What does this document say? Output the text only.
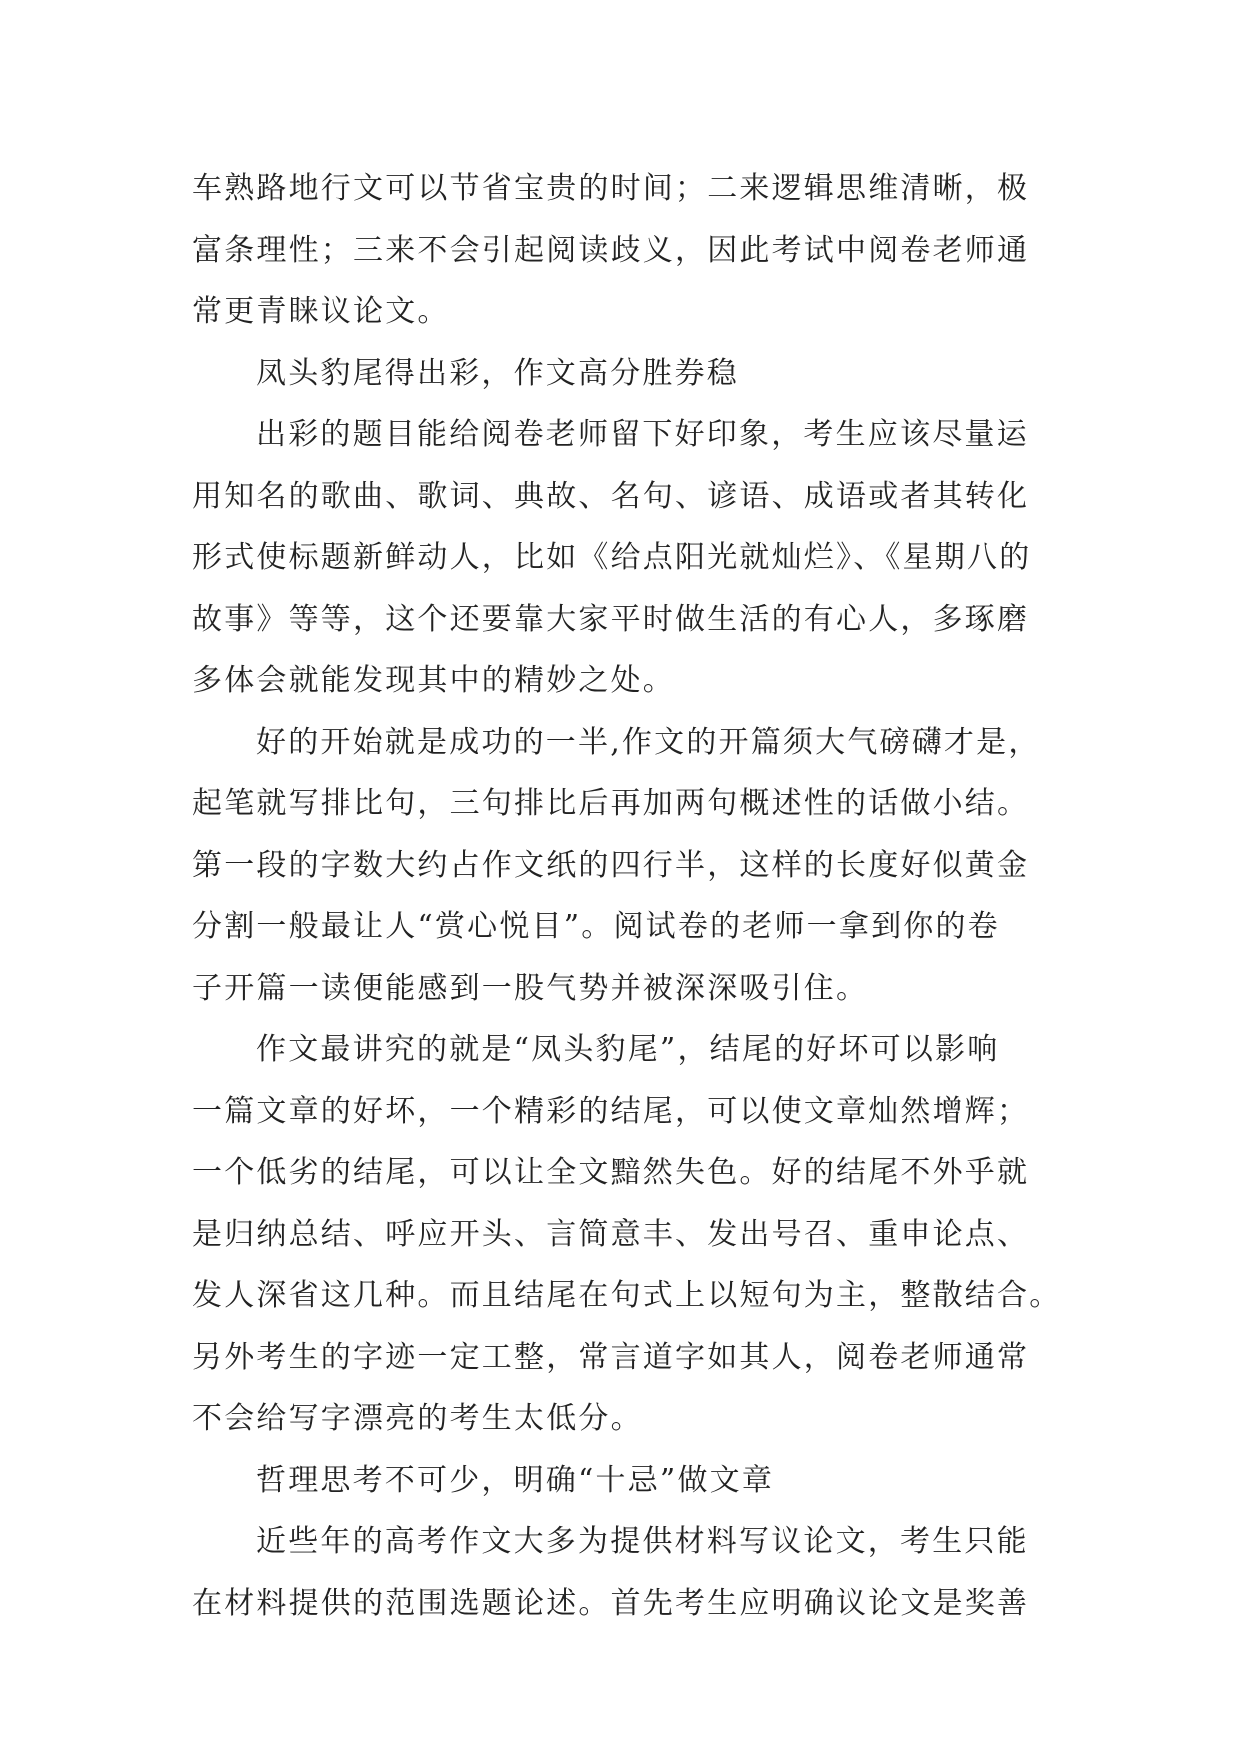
车熟路地行文可以节省宝贵的时间；二来逻辑思维清晰，极
富条理性；三来不会引起阅读歧义，因此考试中阅卷老师通
常更青睐议论文。
凤头豹尾得出彩，作文高分胜券稳
出彩的题目能给阅卷老师留下好印象，考生应该尽量运
用知名的歌曲、歌词、典故、名句、谚语、成语或者其转化
形式使标题新鲜动人，比如《给点阳光就灿烂》、《星期八的
故事》等等，这个还要靠大家平时做生活的有心人，多琢磨
多体会就能发现其中的精妙之处。
好的开始就是成功的一半,作文的开篇须大气磅礴才是，
起笔就写排比句，三句排比后再加两句概述性的话做小结。
第一段的字数大约占作文纸的四行半，这样的长度好似黄金
分割一般最让人“赏心悦目”。阅试卷的老师一拿到你的卷
子开篇一读便能感到一股气势并被深深吸引住。
作文最讲究的就是“凤头豹尾”，结尾的好坏可以影响
一篇文章的好坏，一个精彩的结尾，可以使文章灿然增辉；
一个低劣的结尾，可以让全文黯然失色。好的结尾不外乎就
是归纳总结、呼应开头、言简意丰、发出号召、重申论点、
发人深省这几种。而且结尾在句式上以短句为主，整散结合。
另外考生的字迹一定工整，常言道字如其人，阅卷老师通常
不会给写字漂亮的考生太低分。
哲理思考不可少，明确“十忌”做文章
近些年的高考作文大多为提供材料写议论文，考生只能
在材料提供的范围选题论述。首先考生应明确议论文是奖善
